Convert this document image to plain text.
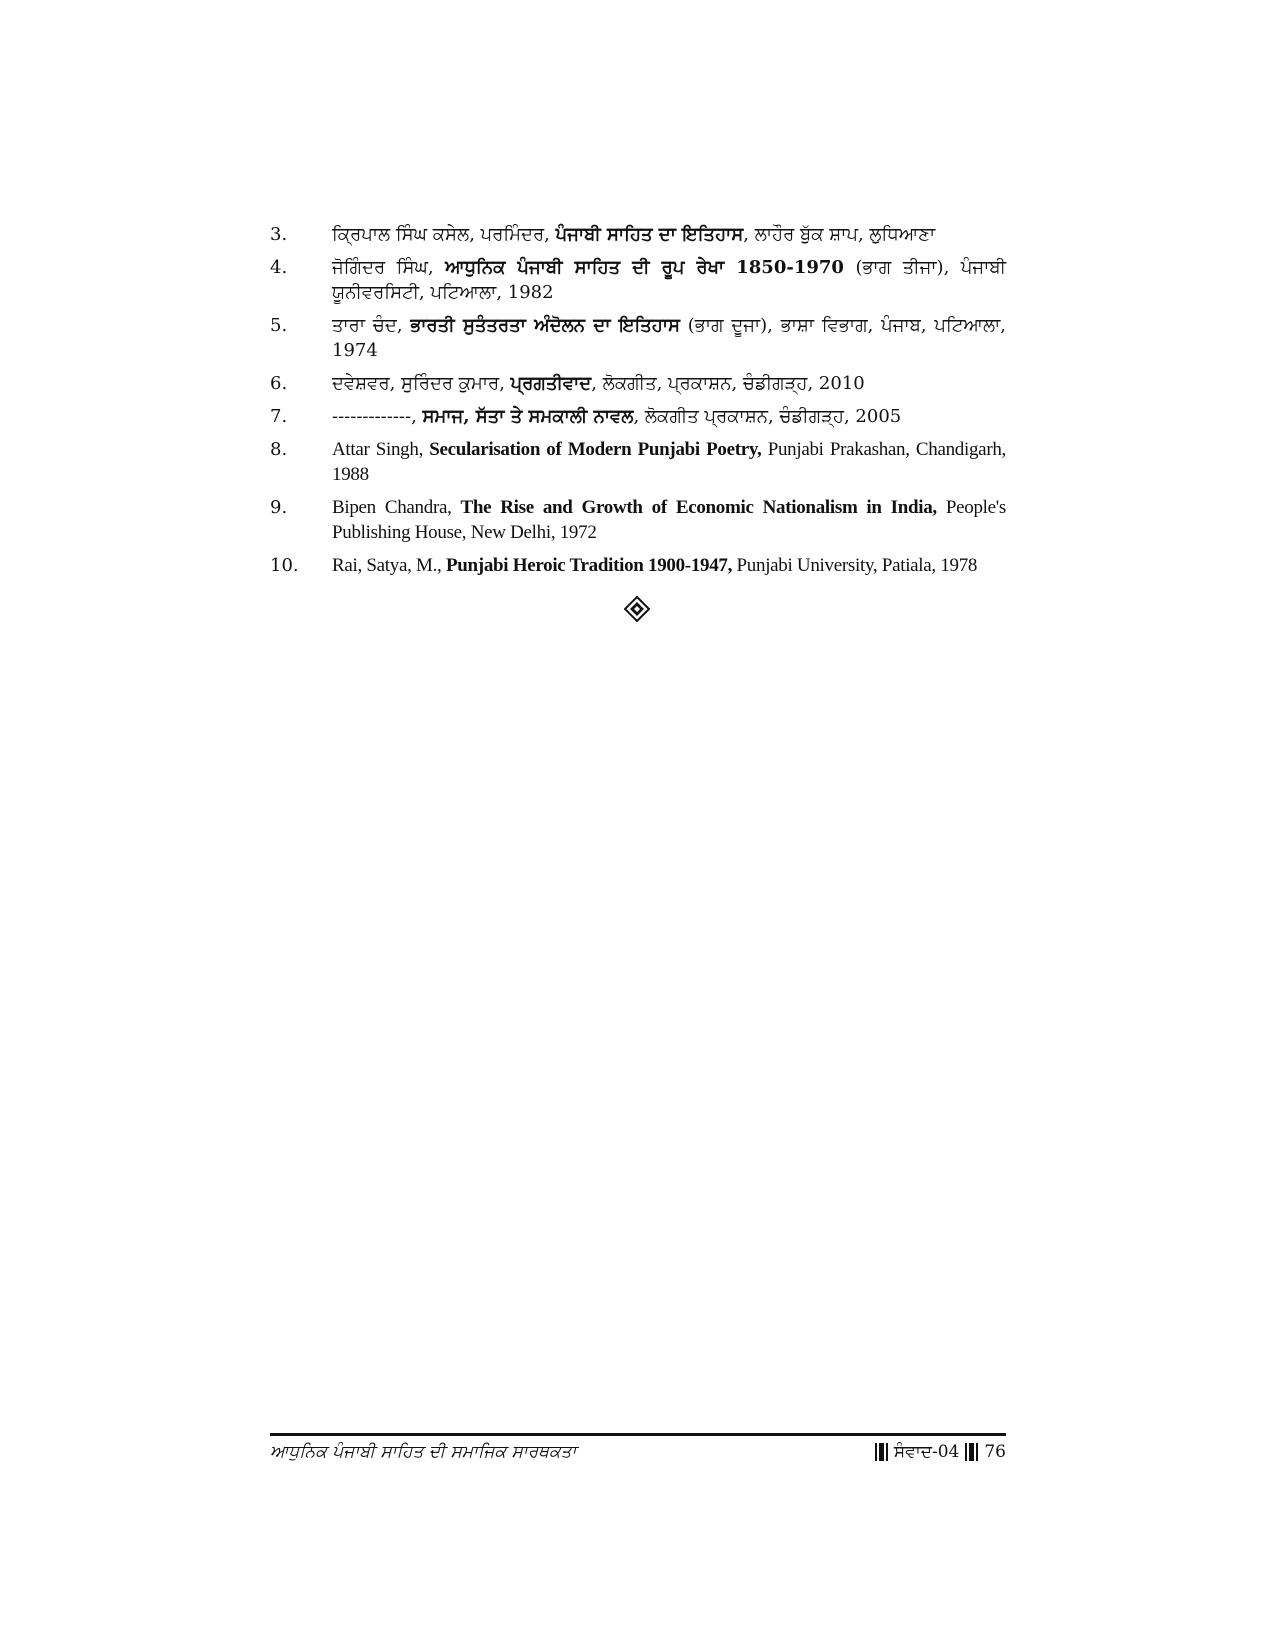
3.	ਕ੍ਰਿਪਾਲ ਸਿੰਘ ਕਸੇਲ, ਪਰਮਿੰਦਰ, ਪੰਜਾਬੀ ਸਾਹਿਤ ਦਾ ਇਤਿਹਾਸ, ਲਾਹੌਰ ਬੁੱਕ ਸ਼ਾਪ, ਲੁਧਿਆਣਾ
4.	ਜੋਗਿੰਦਰ ਸਿੰਘ, ਆਧੁਨਿਕ ਪੰਜਾਬੀ ਸਾਹਿਤ ਦੀ ਰੂਪ ਰੇਖਾ 1850-1970 (ਭਾਗ ਤੀਜਾ), ਪੰਜਾਬੀ ਯੂਨੀਵਰਸਿਟੀ, ਪਟਿਆਲਾ, 1982
5.	ਤਾਰਾ ਚੰਦ, ਭਾਰਤੀ ਸੁਤੰਤਰਤਾ ਅੰਦੋਲਨ ਦਾ ਇਤਿਹਾਸ (ਭਾਗ ਦੂਜਾ), ਭਾਸ਼ਾ ਵਿਭਾਗ, ਪੰਜਾਬ, ਪਟਿਆਲਾ, 1974
6.	ਦਵੇਸ਼ਵਰ, ਸੁਰਿੰਦਰ ਕੁਮਾਰ, ਪ੍ਰਗਤੀਵਾਦ, ਲੋਕਗੀਤ, ਪ੍ਰਕਾਸ਼ਨ, ਚੰਡੀਗੜ੍ਹ, 2010
7.	-------------, ਸਮਾਜ, ਸੱਤਾ ਤੇ ਸਮਕਾਲੀ ਨਾਵਲ, ਲੋਕਗੀਤ ਪ੍ਰਕਾਸ਼ਨ, ਚੰਡੀਗੜ੍ਹ, 2005
8.	Attar Singh, Secularisation of Modern Punjabi Poetry, Punjabi Prakashan, Chandigarh, 1988
9.	Bipen Chandra, The Rise and Growth of Economic Nationalism in India, People's Publishing House, New Delhi, 1972
10.	Rai, Satya, M., Punjabi Heroic Tradition 1900-1947, Punjabi University, Patiala, 1978
ਆਧੁਨਿਕ ਪੰਜਾਬੀ ਸਾਹਿਤ ਦੀ ਸਮਾਜਿਕ ਸਾਰਥਕਤਾ	ਸੰਵਾਦ-04 76
